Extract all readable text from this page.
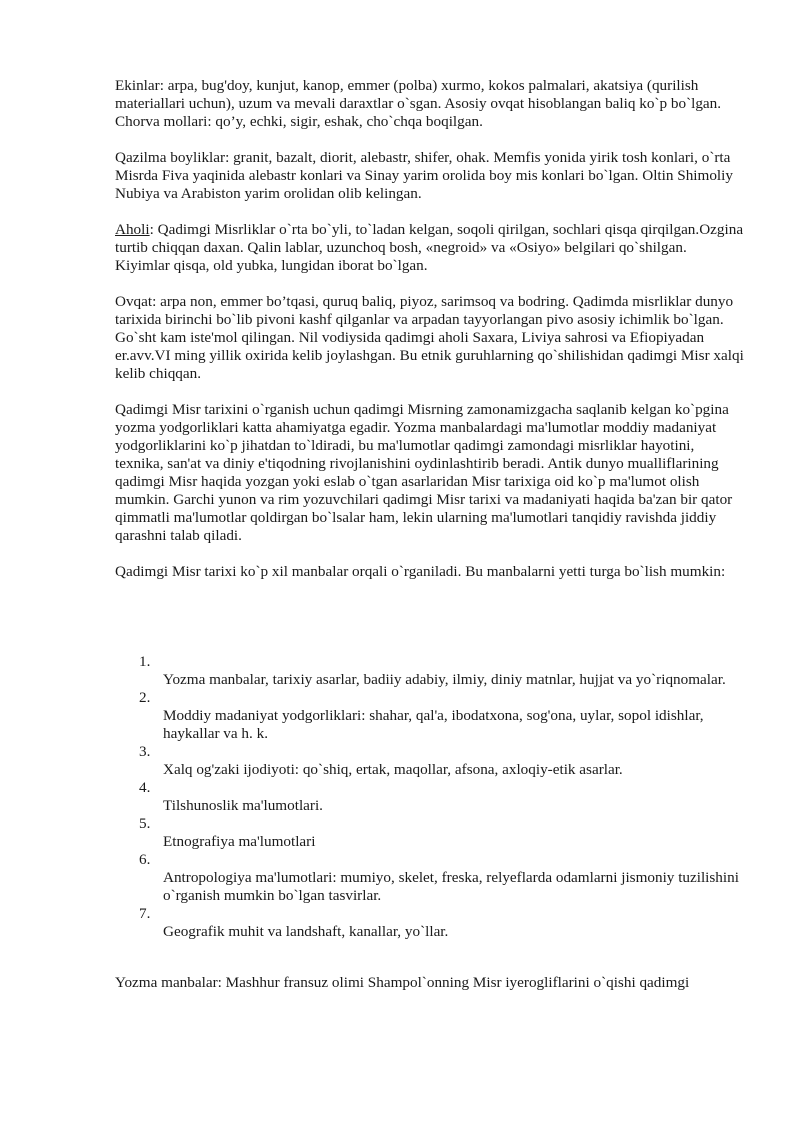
Ekinlar: arpa, bug'doy, kunjut, kanop, emmer (polba) xurmo, kokos palmalari, akatsiya (qurilish materiallari uchun), uzum va mevali daraxtlar o`sgan. Asosiy ovqat hisoblangan baliq ko`p bo`lgan. Chorva mollari: qo’y, echki, sigir, eshak, cho`chqa boqilgan.

Qazilma boyliklar: granit, bazalt, diorit, alebastr, shifer, ohak. Memfis yonida yirik tosh konlari, o`rta Misrda Fiva yaqinida alebastr konlari va Sinay yarim orolida boy mis konlari bo`lgan. Oltin Shimoliy Nubiya va Arabiston yarim orolidan olib kelingan.

Aholi: Qadimgi Misrliklar o`rta bo`yli, to`ladan kelgan, soqoli qirilgan, sochlari qisqa qirqilgan.Ozgina turtib chiqqan daxan. Qalin lablar, uzunchoq bosh, «negroid» va «Osiyo» belgilari qo`shilgan. Kiyimlar qisqa, old yubka, lungidan iborat bo`lgan.

Ovqat: arpa non, emmer bo’tqasi, quruq baliq, piyoz, sarimsoq va bodring. Qadimda misrliklar dunyo tarixida birinchi bo`lib pivoni kashf qilganlar va arpadan tayyorlangan pivo asosiy ichimlik bo`lgan. Go`sht kam iste'mol qilingan. Nil vodiysida qadimgi aholi Saxara, Liviya sahrosi va Efiopiyadan er.avv.VI ming yillik oxirida kelib joylashgan. Bu etnik guruhlarning qo`shilishidan qadimgi Misr xalqi kelib chiqqan.

Qadimgi Misr tarixini o`rganish uchun qadimgi Misrning zamonamizgacha saqlanib kelgan ko`pgina yozma yodgorliklari katta ahamiyatga egadir. Yozma manbalardagi ma'lumotlar moddiy madaniyat yodgorliklarini ko`p jihatdan to`ldiradi, bu ma'lumotlar qadimgi zamondagi misrliklar hayotini, texnika, san'at va diniy e'tiqodning rivojlanishini oydinlashtirib beradi. Antik dunyo mualliflarining qadimgi Misr haqida yozgan yoki eslab o`tgan asarlaridan Misr tarixiga oid ko`p ma'lumot olish mumkin. Garchi yunon va rim yozuvchilari qadimgi Misr tarixi va madaniyati haqida ba'zan bir qator qimmatli ma'lumotlar qoldirgan bo`lsalar ham, lekin ularning ma'lumotlari tanqidiy ravishda jiddiy qarashni talab qiladi.

Qadimgi Misr tarixi ko`p xil manbalar orqali o`rganiladi. Bu manbalarni yetti turga bo`lish mumkin:

1.
Yozma manbalar, tarixiy asarlar, badiiy adabiy, ilmiy, diniy matnlar, hujjat va yo`riqnomalar.
2.
Moddiy madaniyat yodgorliklari: shahar, qal'a, ibodatxona, sog'ona, uylar, sopol idishlar, haykallar va h. k.
3.
Xalq og'zaki ijodiyoti: qo`shiq, ertak, maqollar, afsona, axloqiy-etik asarlar.
4.
Tilshunoslik ma'lumotlari.
5.
Etnografiya ma'lumotlari
6.
Antropologiya ma'lumotlari: mumiyo, skelet, freska, relyeflarda odamlarni jismoniy tuzilishini o`rganish mumkin bo`lgan tasvirlar.
7.
Geografik muhit va landshaft, kanallar, yo`llar.

Yozma manbalar: Mashhur fransuz olimi Shampol`onning Misr iyerogliflarini o`qishi qadimgi
